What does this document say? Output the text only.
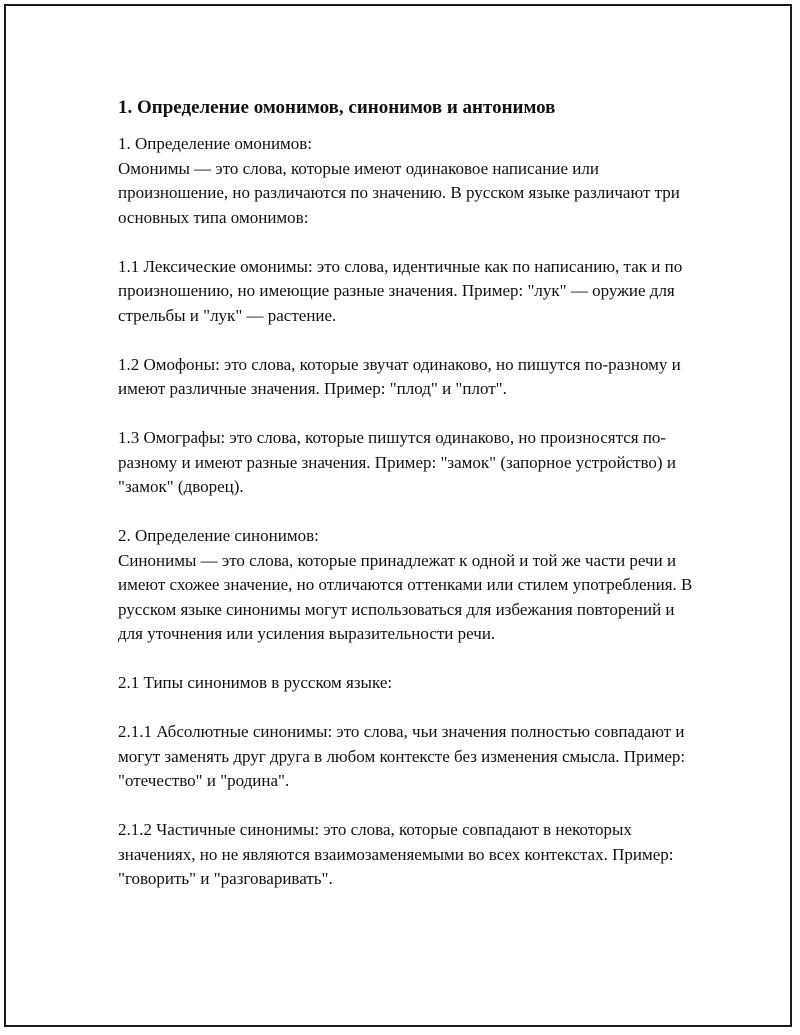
1. Определение омонимов, синонимов и антонимов

1. Определение омонимов:
Омонимы — это слова, которые имеют одинаковое написание или произношение, но различаются по значению. В русском языке различают три основных типа омонимов:

1.1 Лексические омонимы: это слова, идентичные как по написанию, так и по произношению, но имеющие разные значения. Пример: "лук" — оружие для стрельбы и "лук" — растение.

1.2 Омофоны: это слова, которые звучат одинаково, но пишутся по-разному и имеют различные значения. Пример: "плод" и "плот".

1.3 Омографы: это слова, которые пишутся одинаково, но произносятся по-разному и имеют разные значения. Пример: "замок" (запорное устройство) и "замок" (дворец).

2. Определение синонимов:
Синонимы — это слова, которые принадлежат к одной и той же части речи и имеют схожее значение, но отличаются оттенками или стилем употребления. В русском языке синонимы могут использоваться для избежания повторений и для уточнения или усиления выразительности речи.

2.1 Типы синонимов в русском языке:

2.1.1 Абсолютные синонимы: это слова, чьи значения полностью совпадают и могут заменять друг друга в любом контексте без изменения смысла. Пример: "отечество" и "родина".

2.1.2 Частичные синонимы: это слова, которые совпадают в некоторых значениях, но не являются взаимозаменяемыми во всех контекстах. Пример: "говорить" и "разговаривать".
